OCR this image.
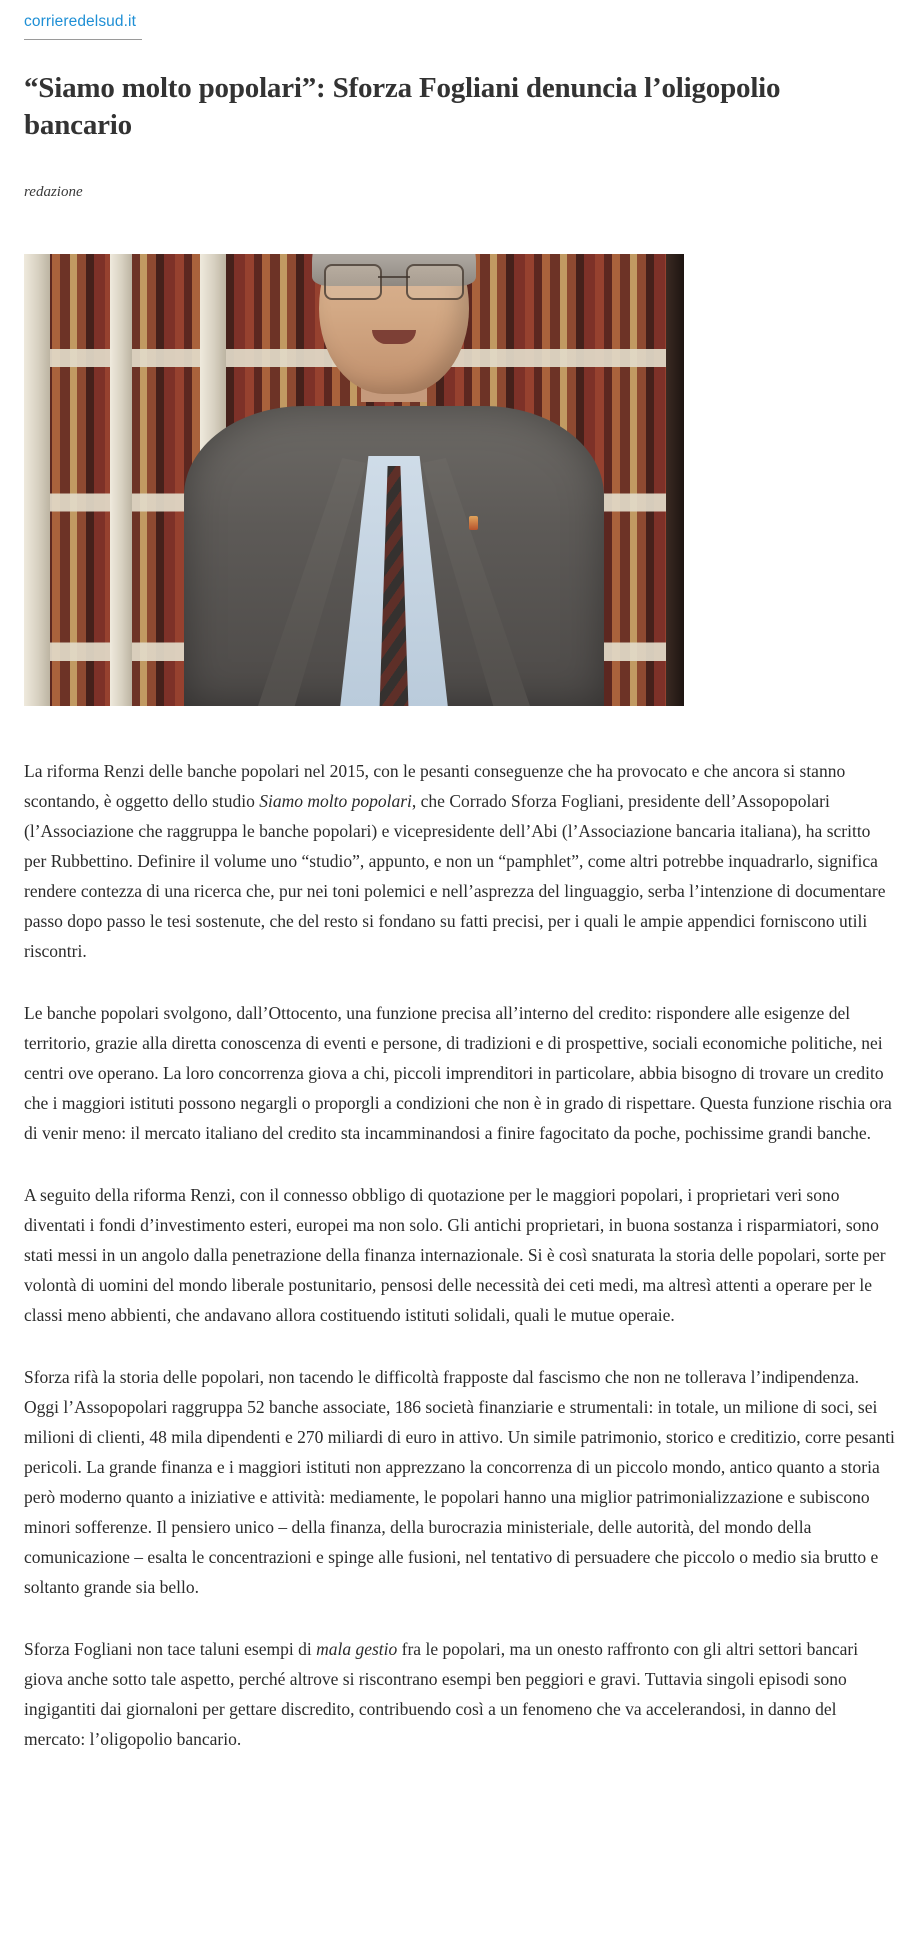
corrieredelsud.it
“Siamo molto popolari”: Sforza Fogliani denuncia l’oligopolio bancario
redazione

La riforma Renzi delle banche popolari nel 2015, con le pesanti conseguenze che ha provocato e che ancora si stanno scontando, è oggetto dello studio Siamo molto popolari, che Corrado Sforza Fogliani, presidente dell’Assopopolari (l’Associazione che raggruppa le banche popolari) e vicepresidente dell’Abi (l’Associazione bancaria italiana), ha scritto per Rubbettino. Definire il volume uno “studio”, appunto, e non un “pamphlet”, come altri potrebbe inquadrarlo, significa rendere contezza di una ricerca che, pur nei toni polemici e nell’asprezza del linguaggio, serba l’intenzione di documentare passo dopo passo le tesi sostenute, che del resto si fondano su fatti precisi, per i quali le ampie appendici forniscono utili riscontri.

Le banche popolari svolgono, dall’Ottocento, una funzione precisa all’interno del credito: rispondere alle esigenze del territorio, grazie alla diretta conoscenza di eventi e persone, di tradizioni e di prospettive, sociali economiche politiche, nei centri ove operano. La loro concorrenza giova a chi, piccoli imprenditori in particolare, abbia bisogno di trovare un credito che i maggiori istituti possono negargli o proporgli a condizioni che non è in grado di rispettare. Questa funzione rischia ora di venir meno: il mercato italiano del credito sta incamminandosi a finire fagocitato da poche, pochissime grandi banche.

A seguito della riforma Renzi, con il connesso obbligo di quotazione per le maggiori popolari, i proprietari veri sono diventati i fondi d’investimento esteri, europei ma non solo. Gli antichi proprietari, in buona sostanza i risparmiatori, sono stati messi in un angolo dalla penetrazione della finanza internazionale. Si è così snaturata la storia delle popolari, sorte per volontà di uomini del mondo liberale postunitario, pensosi delle necessità dei ceti medi, ma altresì attenti a operare per le classi meno abbienti, che andavano allora costituendo istituti solidali, quali le mutue operaie.

Sforza rifà la storia delle popolari, non tacendo le difficoltà frapposte dal fascismo che non ne tollerava l’indipendenza. Oggi l’Assopopolari raggruppa 52 banche associate, 186 società finanziarie e strumentali: in totale, un milione di soci, sei milioni di clienti, 48 mila dipendenti e 270 miliardi di euro in attivo. Un simile patrimonio, storico e creditizio, corre pesanti pericoli. La grande finanza e i maggiori istituti non apprezzano la concorrenza di un piccolo mondo, antico quanto a storia però moderno quanto a iniziative e attività: mediamente, le popolari hanno una miglior patrimonializzazione e subiscono minori sofferenze. Il pensiero unico – della finanza, della burocrazia ministeriale, delle autorità, del mondo della comunicazione – esalta le concentrazioni e spinge alle fusioni, nel tentativo di persuadere che piccolo o medio sia brutto e soltanto grande sia bello.

Sforza Fogliani non tace taluni esempi di mala gestio fra le popolari, ma un onesto raffronto con gli altri settori bancari giova anche sotto tale aspetto, perché altrove si riscontrano esempi ben peggiori e gravi. Tuttavia singoli episodi sono ingigantiti dai giornaloni per gettare discredito, contribuendo così a un fenomeno che va accelerandosi, in danno del mercato: l’oligopolio bancario.
